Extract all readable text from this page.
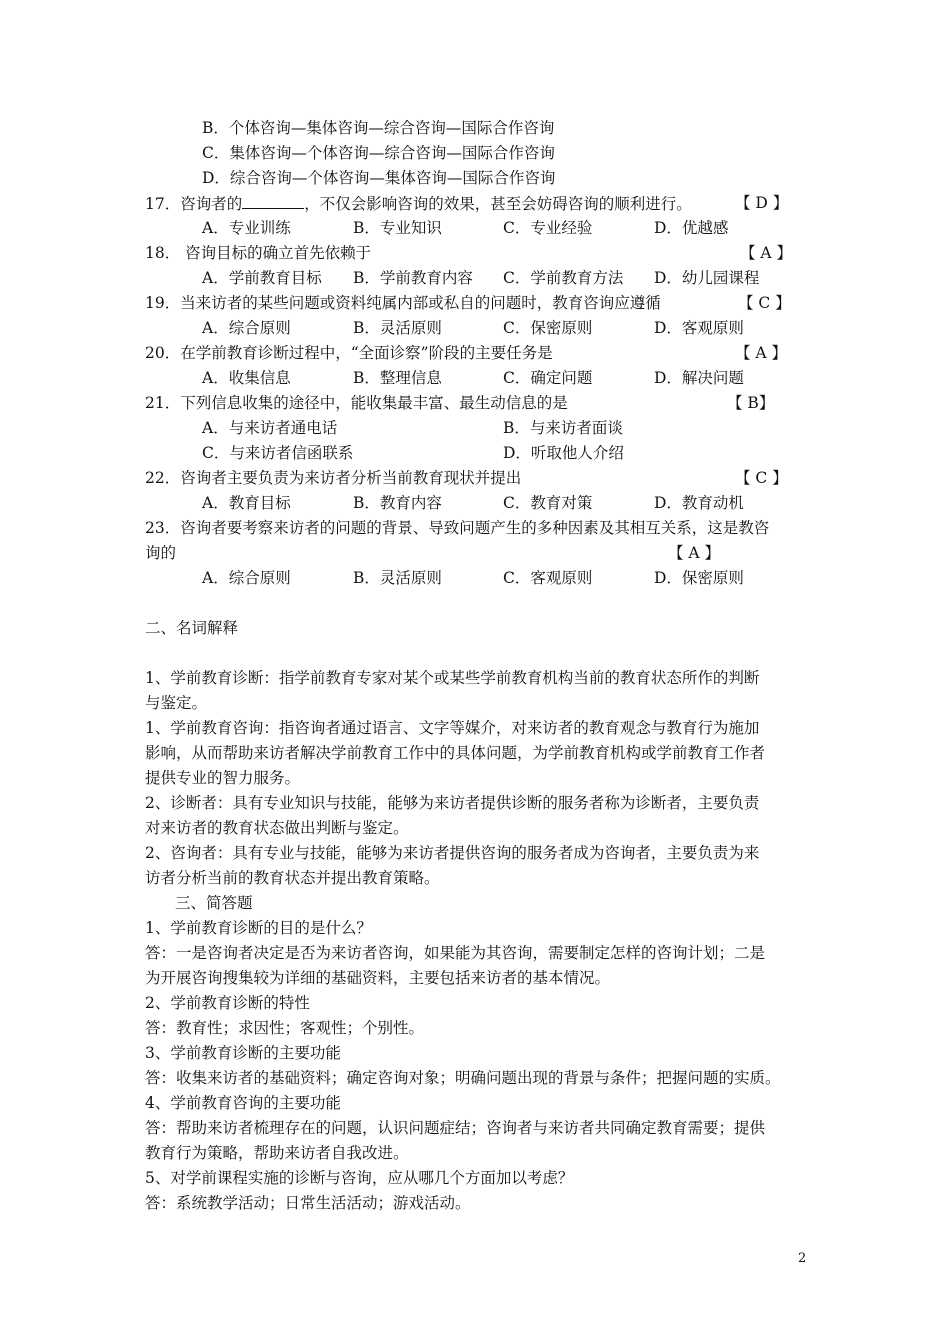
B．个体咨询—集体咨询—综合咨询—国际合作咨询
C．集体咨询—个体咨询—综合咨询—国际合作咨询
D．综合咨询—个体咨询—集体咨询—国际合作咨询
17．咨询者的	，不仅会影响咨询的效果，甚至会妨碍咨询的顺利进行。	【 D 】
A．专业训练	B．专业知识	C．专业经验	D．优越感
18． 咨询目标的确立首先依赖于	【 A 】
A．学前教育目标 B．学前教育内容 C．学前教育方法 D．幼儿园课程
19．当来访者的某些问题或资料纯属内部或私自的问题时，教育咨询应遵循	【 C 】
A．综合原则	B．灵活原则	C．保密原则	D．客观原则
20．在学前教育诊断过程中，“全面诊察”阶段的主要任务是	【 A 】
A．收集信息	B．整理信息	C．确定问题	D．解决问题
21．下列信息收集的途径中，能收集最丰富、最生动信息的是	【 B】
A．与来访者通电话	B．与来访者面谈
C．与来访者信函联系	D．听取他人介绍
22．咨询者主要负责为来访者分析当前教育现状并提出	【 C 】
A．教育目标	B．教育内容	C．教育对策	D．教育动机
23．咨询者要考察来访者的问题的背景、导致问题产生的多种因素及其相互关系，这是教咨
询的	【 A 】
A．综合原则	B．灵活原则	C．客观原则	D．保密原则
二、名词解释
1、学前教育诊断：指学前教育专家对某个或某些学前教育机构当前的教育状态所作的判断
与鉴定。
1、学前教育咨询：指咨询者通过语言、文字等媒介，对来访者的教育观念与教育行为施加
影响，从而帮助来访者解决学前教育工作中的具体问题，为学前教育机构或学前教育工作者
提供专业的智力服务。
2、诊断者：具有专业知识与技能，能够为来访者提供诊断的服务者称为诊断者，主要负责
对来访者的教育状态做出判断与鉴定。
2、咨询者：具有专业与技能，能够为来访者提供咨询的服务者成为咨询者，主要负责为来
访者分析当前的教育状态并提出教育策略。
三、简答题
1、学前教育诊断的目的是什么？
答：一是咨询者决定是否为来访者咨询，如果能为其咨询，需要制定怎样的咨询计划；二是
为开展咨询搜集较为详细的基础资料，主要包括来访者的基本情况。
2、学前教育诊断的特性
答：教育性；求因性；客观性；个别性。
3、学前教育诊断的主要功能
答：收集来访者的基础资料；确定咨询对象；明确问题出现的背景与条件；把握问题的实质。
4、学前教育咨询的主要功能
答：帮助来访者梳理存在的问题，认识问题症结；咨询者与来访者共同确定教育需要；提供
教育行为策略，帮助来访者自我改进。
5、对学前课程实施的诊断与咨询，应从哪几个方面加以考虑？
答：系统教学活动；日常生活活动；游戏活动。
2
